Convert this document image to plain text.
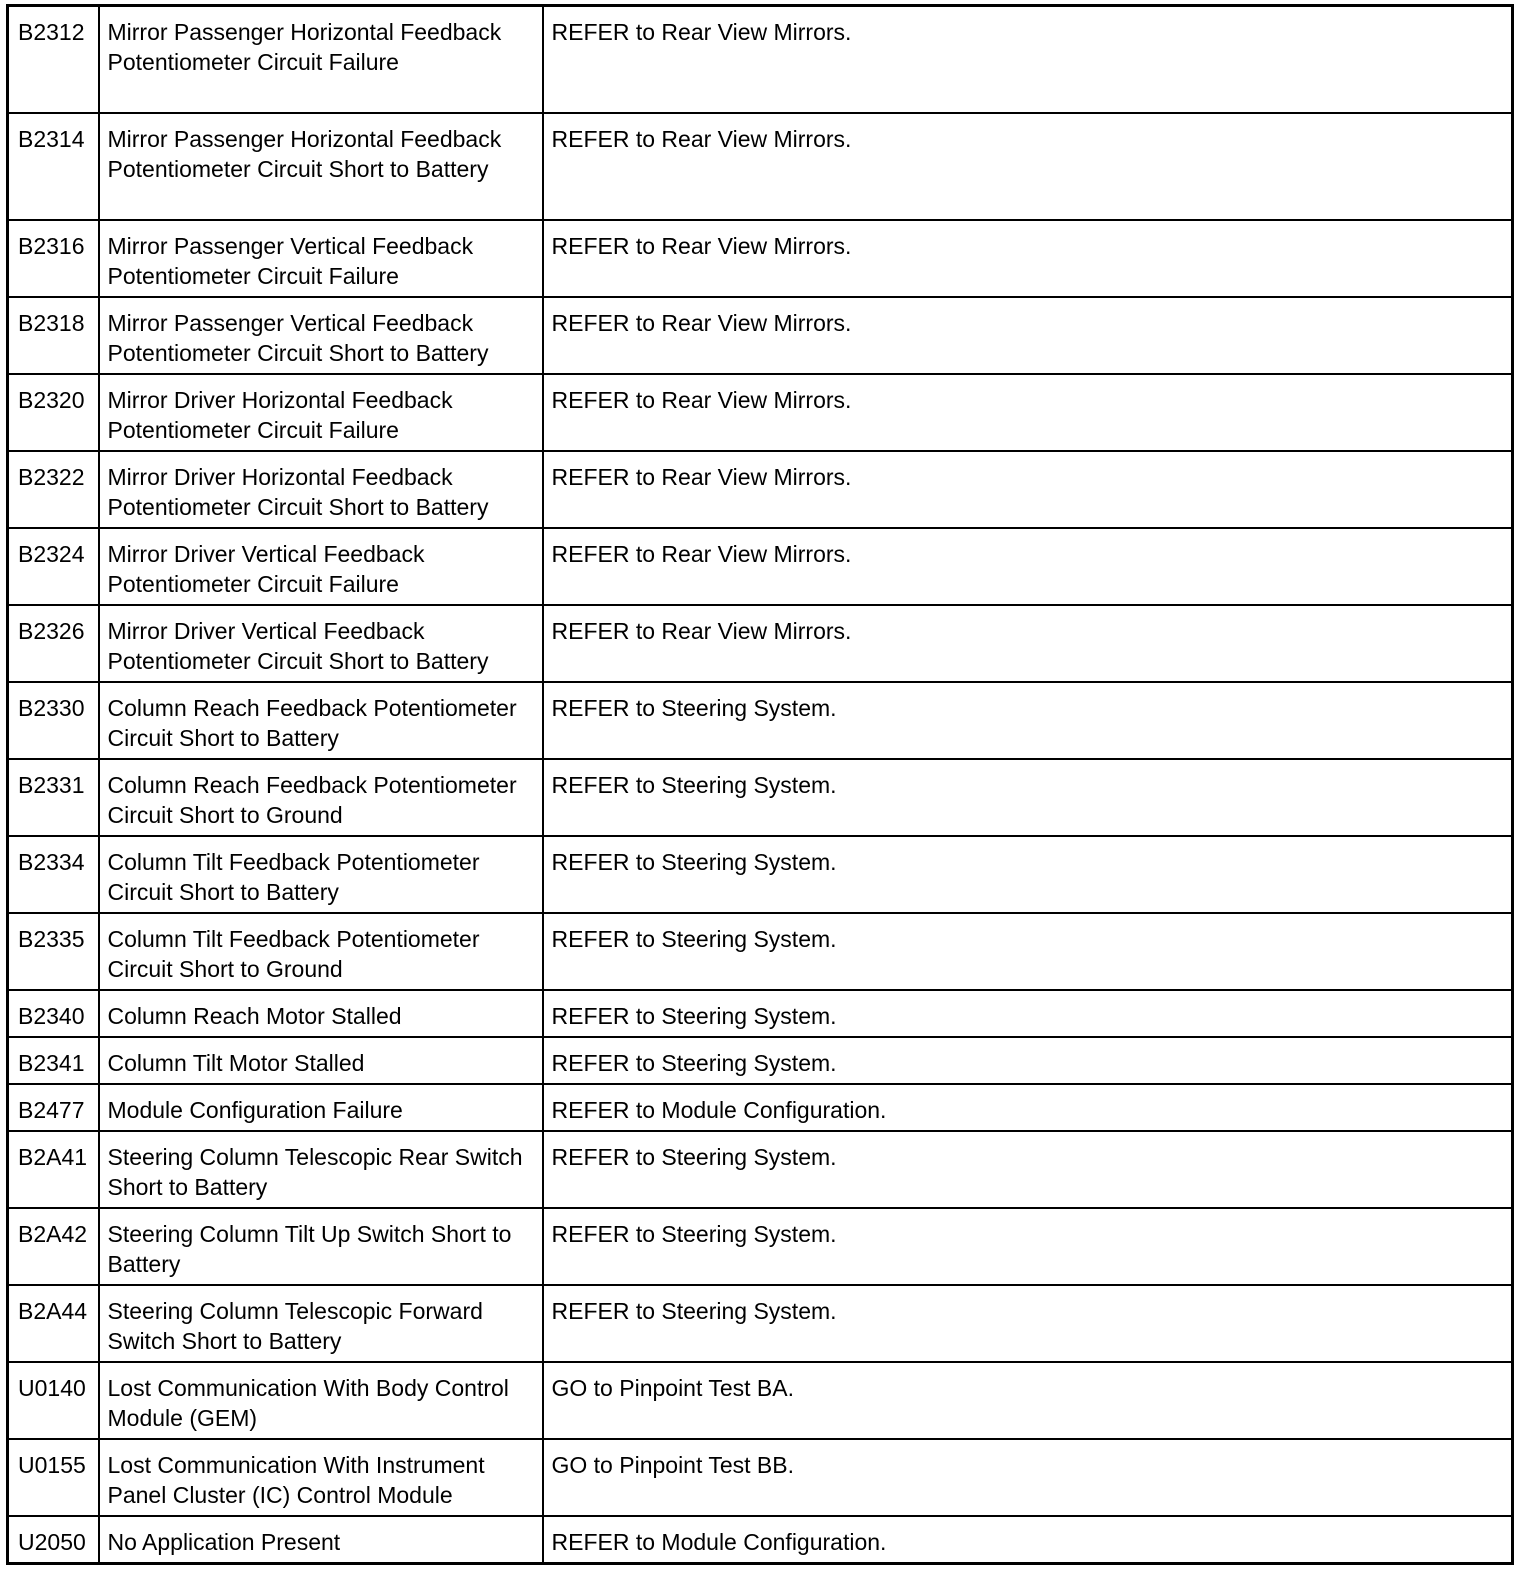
B2312	Mirror Passenger Horizontal Feedback Potentiometer Circuit Failure	REFER to Rear View Mirrors.
B2314	Mirror Passenger Horizontal Feedback Potentiometer Circuit Short to Battery	REFER to Rear View Mirrors.
B2316	Mirror Passenger Vertical Feedback Potentiometer Circuit Failure	REFER to Rear View Mirrors.
B2318	Mirror Passenger Vertical Feedback Potentiometer Circuit Short to Battery	REFER to Rear View Mirrors.
B2320	Mirror Driver Horizontal Feedback Potentiometer Circuit Failure	REFER to Rear View Mirrors.
B2322	Mirror Driver Horizontal Feedback Potentiometer Circuit Short to Battery	REFER to Rear View Mirrors.
B2324	Mirror Driver Vertical Feedback Potentiometer Circuit Failure	REFER to Rear View Mirrors.
B2326	Mirror Driver Vertical Feedback Potentiometer Circuit Short to Battery	REFER to Rear View Mirrors.
B2330	Column Reach Feedback Potentiometer Circuit Short to Battery	REFER to Steering System.
B2331	Column Reach Feedback Potentiometer Circuit Short to Ground	REFER to Steering System.
B2334	Column Tilt Feedback Potentiometer Circuit Short to Battery	REFER to Steering System.
B2335	Column Tilt Feedback Potentiometer Circuit Short to Ground	REFER to Steering System.
B2340	Column Reach Motor Stalled	REFER to Steering System.
B2341	Column Tilt Motor Stalled	REFER to Steering System.
B2477	Module Configuration Failure	REFER to Module Configuration.
B2A41	Steering Column Telescopic Rear Switch Short to Battery	REFER to Steering System.
B2A42	Steering Column Tilt Up Switch Short to Battery	REFER to Steering System.
B2A44	Steering Column Telescopic Forward Switch Short to Battery	REFER to Steering System.
U0140	Lost Communication With Body Control Module (GEM)	GO to Pinpoint Test BA.
U0155	Lost Communication With Instrument Panel Cluster (IC) Control Module	GO to Pinpoint Test BB.
U2050	No Application Present	REFER to Module Configuration.
